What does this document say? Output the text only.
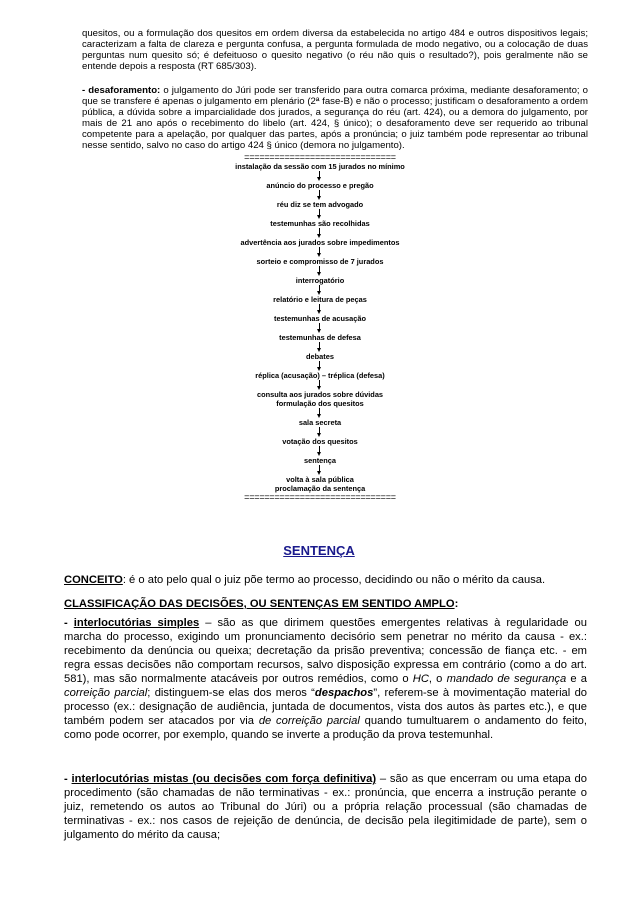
quesitos, ou a formulação dos quesitos em ordem diversa da estabelecida no artigo 484 e outros dispositivos legais; caracterizam a falta de clareza e pergunta confusa, a pergunta formulada de modo negativo, ou a colocação de duas perguntas num quesito só; é defeituoso o quesito negativo (o réu não quis o resultado?), pois geralmente não se entende depois a resposta (RT 685/303).
- desaforamento: o julgamento do Júri pode ser transferido para outra comarca próxima, mediante desaforamento; o que se transfere é apenas o julgamento em plenário (2ª fase-B) e não o processo; justificam o desaforamento a ordem pública, a dúvida sobre a imparcialidade dos jurados, a segurança do réu (art. 424), ou a demora do julgamento, por mais de 21 ano após o recebimento do libelo (art. 424, § único); o desaforamento deve ser requerido ao tribunal competente para a apelação, por qualquer das partes, após a pronúncia; o juiz também pode representar ao tribunal nesse sentido, salvo no caso do artigo 424 § único (demora no julgamento).
==============================
instalação da sessão com 15 jurados no mínimo
anúncio do processo e pregão
réu diz se tem advogado
testemunhas são recolhidas
advertência aos jurados sobre impedimentos
sorteio e compromisso de 7 jurados
interrogatório
relatório e leitura de peças
testemunhas de acusação
testemunhas de defesa
debates
réplica (acusação) – tréplica (defesa)
consulta aos jurados sobre dúvidas
formulação dos quesitos
sala secreta
votação dos quesitos
sentença
volta à sala pública
proclamação da sentença
==============================
SENTENÇA
CONCEITO: é o ato pelo qual o juiz põe termo ao processo, decidindo ou não o mérito da causa.
CLASSIFICAÇÃO DAS DECISÕES, OU SENTENÇAS EM SENTIDO AMPLO:
- interlocutórias simples – são as que dirimem questões emergentes relativas à regularidade ou marcha do processo, exigindo um pronunciamento decisório sem penetrar no mérito da causa - ex.: recebimento da denúncia ou queixa; decretação da prisão preventiva; concessão de fiança etc. - em regra essas decisões não comportam recursos, salvo disposição expressa em contrário (como a do art. 581), mas são normalmente atacáveis por outros remédios, como o HC, o mandado de segurança e a correição parcial; distinguem-se elas dos meros “despachos”, referem-se à movimentação material do processo (ex.: designação de audiência, juntada de documentos, vista dos autos às partes etc.), e que também podem ser atacados por via de correição parcial quando tumultuarem o andamento do feito, como pode ocorrer, por exemplo, quando se inverte a produção da prova testemunhal.
- interlocutórias mistas (ou decisões com força definitiva) – são as que encerram ou uma etapa do procedimento (são chamadas de não terminativas - ex.: pronúncia, que encerra a instrução perante o juiz, remetendo os autos ao Tribunal do Júri) ou a própria relação processual (são chamadas de terminativas - ex.: nos casos de rejeição de denúncia, de decisão pela ilegitimidade de parte), sem o julgamento do mérito da causa;
